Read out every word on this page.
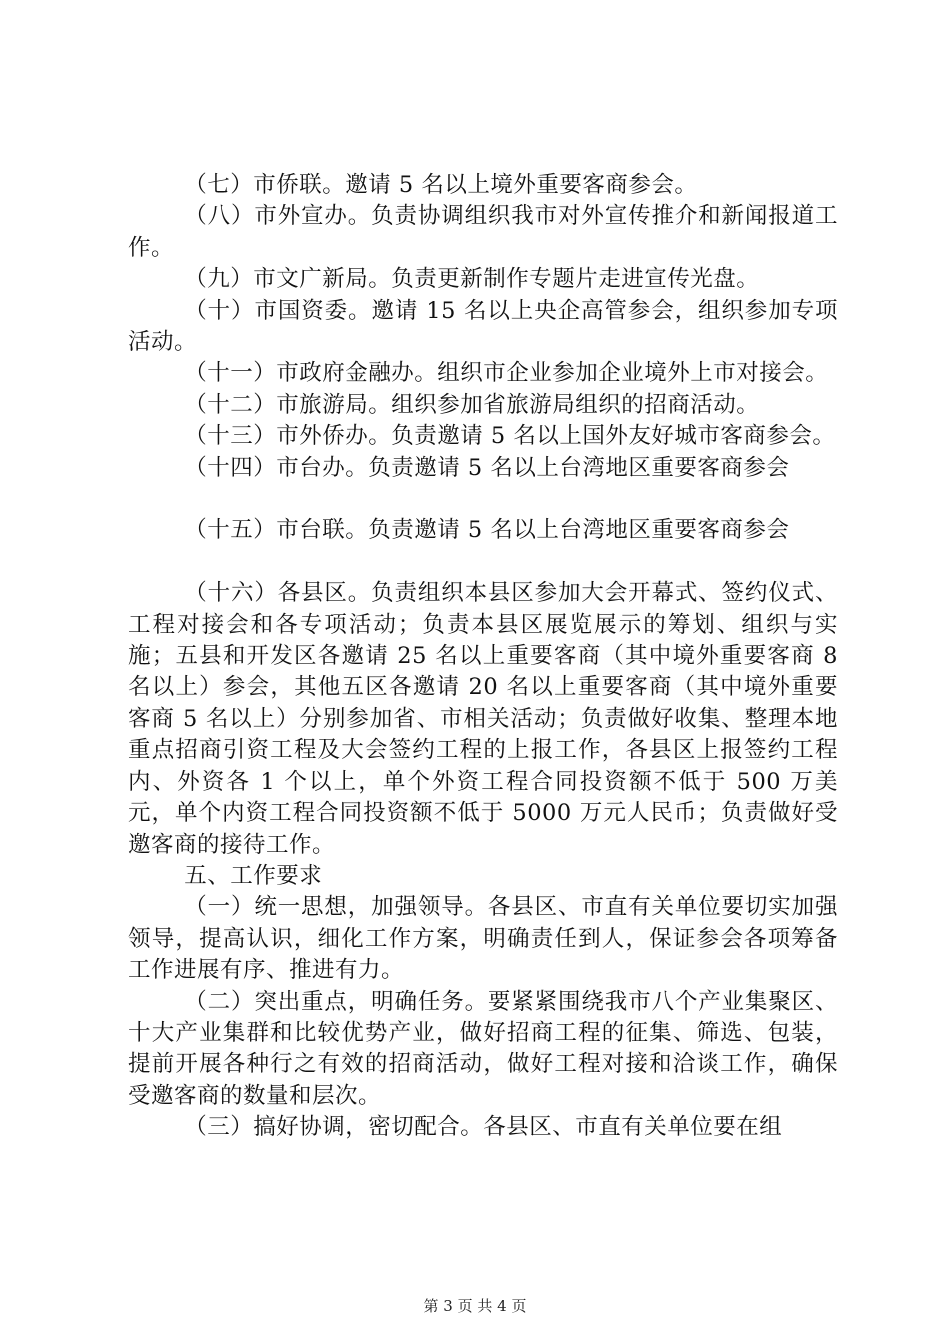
（七）市侨联。邀请 5 名以上境外重要客商参会。

（八）市外宣办。负责协调组织我市对外宣传推介和新闻报道工作。

（九）市文广新局。负责更新制作专题片走进宣传光盘。

（十）市国资委。邀请 15 名以上央企高管参会，组织参加专项活动。

（十一）市政府金融办。组织市企业参加企业境外上市对接会。

（十二）市旅游局。组织参加省旅游局组织的招商活动。

（十三）市外侨办。负责邀请 5 名以上国外友好城市客商参会。

（十四）市台办。负责邀请 5 名以上台湾地区重要客商参会

（十五）市台联。负责邀请 5 名以上台湾地区重要客商参会

（十六）各县区。负责组织本县区参加大会开幕式、签约仪式、工程对接会和各专项活动；负责本县区展览展示的筹划、组织与实施；五县和开发区各邀请 25 名以上重要客商（其中境外重要客商 8 名以上）参会，其他五区各邀请 20 名以上重要客商（其中境外重要客商 5 名以上）分别参加省、市相关活动；负责做好收集、整理本地重点招商引资工程及大会签约工程的上报工作，各县区上报签约工程内、外资各 1 个以上，单个外资工程合同投资额不低于 500 万美元，单个内资工程合同投资额不低于 5000 万元人民币；负责做好受邀客商的接待工作。

五、工作要求

（一）统一思想，加强领导。各县区、市直有关单位要切实加强领导，提高认识，细化工作方案，明确责任到人，保证参会各项筹备工作进展有序、推进有力。

（二）突出重点，明确任务。要紧紧围绕我市八个产业集聚区、十大产业集群和比较优势产业，做好招商工程的征集、筛选、包装，提前开展各种行之有效的招商活动，做好工程对接和洽谈工作，确保受邀客商的数量和层次。

（三）搞好协调，密切配合。各县区、市直有关单位要在组

第 3 页 共 4 页
